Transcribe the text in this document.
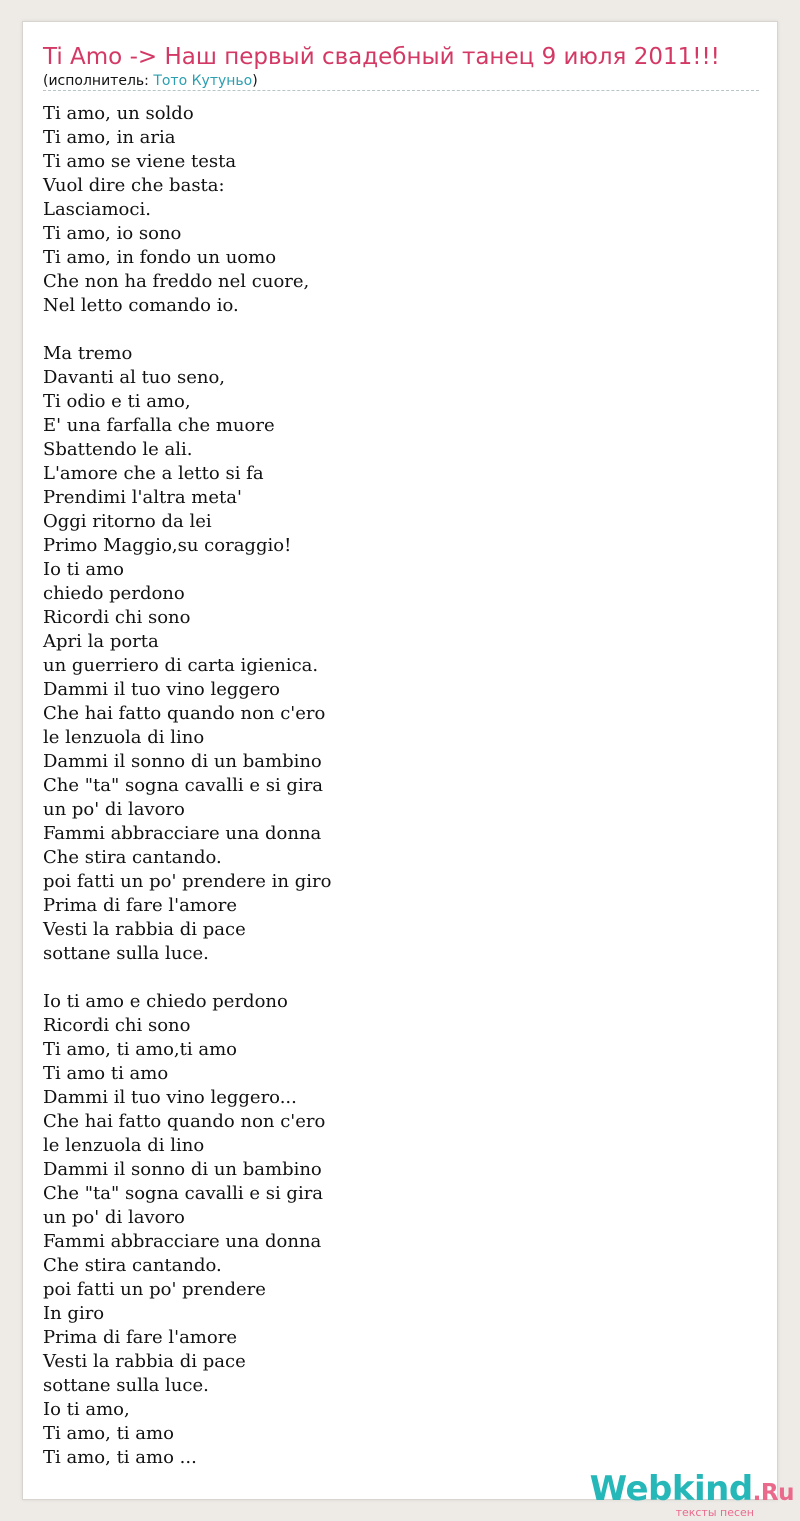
Ti Amo -> Наш первый свадебный танец 9 июля 2011!!!
(исполнитель: Тото Кутуньо)
Ti amo, un soldo
Ti amo, in aria
Ti amo se viene testa
Vuol dire che basta:
Lasciamoci.
Ti amo, io sono
Ti amo, in fondo un uomo
Che non ha freddo nel cuore,
Nel letto comando io.
Ma tremo
Davanti al tuo seno,
Ti odio e ti amo,
E' una farfalla che muore
Sbattendo le ali.
L'amore che a letto si fa
Prendimi l'altra meta'
Oggi ritorno da lei
Primo Maggio,su coraggio!
Io ti amo
chiedo perdono
Ricordi chi sono
Apri la porta
un guerriero di carta igienica.
Dammi il tuo vino leggero
Che hai fatto quando non c'ero
le lenzuola di lino
Dammi il sonno di un bambino
Che "ta" sogna cavalli e si gira
un po' di lavoro
Fammi abbracciare una donna
Che stira cantando.
poi fatti un po' prendere in giro
Prima di fare l'amore
Vesti la rabbia di pace
sottane sulla luce.
Io ti amo e chiedo perdono
Ricordi chi sono
Ti amo, ti amo,ti amo
Ti amo ti amo
Dammi il tuo vino leggero...
Che hai fatto quando non c'ero
le lenzuola di lino
Dammi il sonno di un bambino
Che "ta" sogna cavalli e si gira
un po' di lavoro
Fammi abbracciare una donna
Che stira cantando.
poi fatti un po' prendere
In giro
Prima di fare l'amore
Vesti la rabbia di pace
sottane sulla luce.
Io ti amo,
Ti amo, ti amo
Ti amo, ti amo ...
Webkind.Ru
тексты песен
